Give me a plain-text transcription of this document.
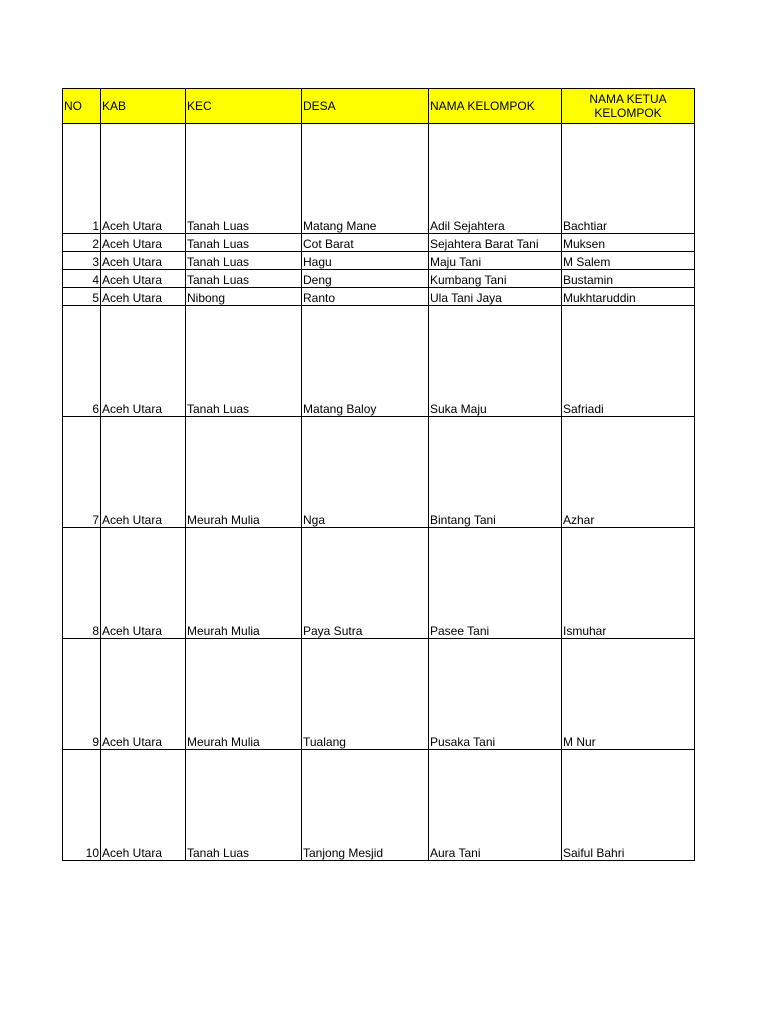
NO	KAB	KEC	DESA	NAMA KELOMPOK	NAMA KETUA KELOMPOK
1	Aceh Utara	Tanah Luas	Matang Mane	Adil Sejahtera	Bachtiar
2	Aceh Utara	Tanah Luas	Cot Barat	Sejahtera Barat Tani	Muksen
3	Aceh Utara	Tanah Luas	Hagu	Maju Tani	M Salem
4	Aceh Utara	Tanah Luas	Deng	Kumbang Tani	Bustamin
5	Aceh Utara	Nibong	Ranto	Ula Tani Jaya	Mukhtaruddin
6	Aceh Utara	Tanah Luas	Matang Baloy	Suka Maju	Safriadi
7	Aceh Utara	Meurah Mulia	Nga	Bintang Tani	Azhar
8	Aceh Utara	Meurah Mulia	Paya Sutra	Pasee Tani	Ismuhar
9	Aceh Utara	Meurah Mulia	Tualang	Pusaka Tani	M Nur
10	Aceh Utara	Tanah Luas	Tanjong Mesjid	Aura Tani	Saiful Bahri
